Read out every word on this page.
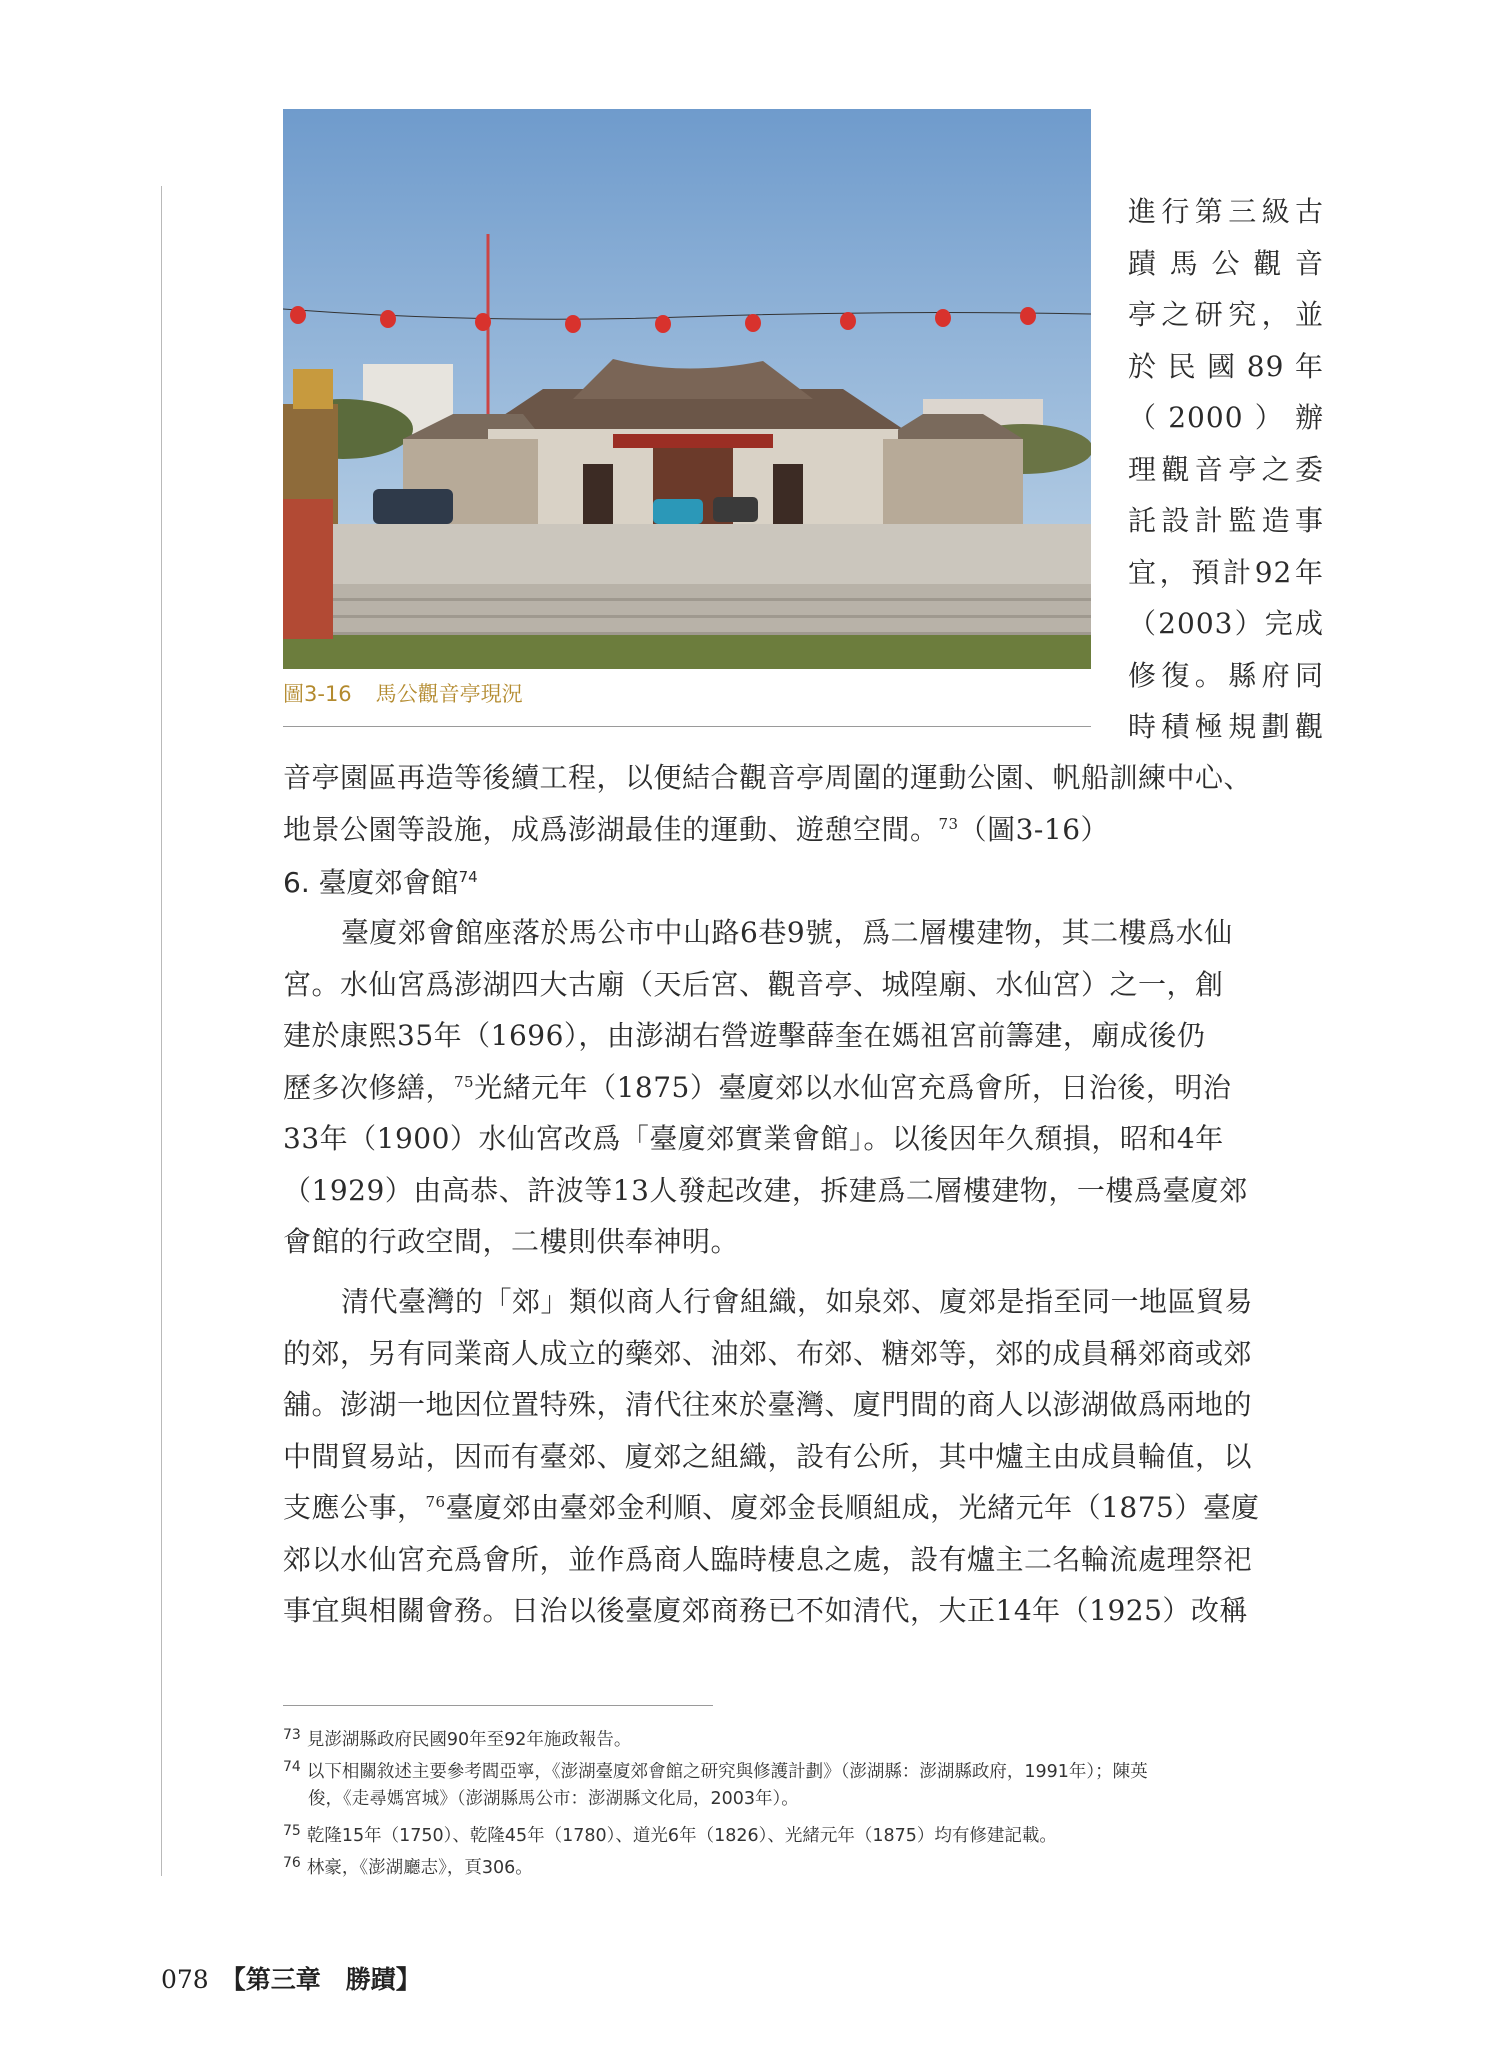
圖3-16 馬公觀音亭現況
進行第三級古
蹟馬公觀音
亭之研究，並
於民國89年
（2000）辦
理觀音亭之委
託設計監造事
宜，預計92年
（2003）完成
修復。縣府同
時積極規劃觀
音亭園區再造等後續工程，以便結合觀音亭周圍的運動公園、帆船訓練中心、
地景公園等設施，成爲澎湖最佳的運動、遊憩空間。$^{73}$（圖3-16）
6. 臺廈郊會館$^{74}$
臺廈郊會館座落於馬公市中山路6巷9號，爲二層樓建物，其二樓爲水仙
宮。水仙宮爲澎湖四大古廟（天后宮、觀音亭、城隍廟、水仙宮）之一，創
建於康熙35年（1696），由澎湖右營遊擊薛奎在媽祖宮前籌建，廟成後仍
歷多次修繕，$^{75}$光緒元年（1875）臺廈郊以水仙宮充爲會所，日治後，明治
33年（1900）水仙宮改爲「臺廈郊實業會館」。以後因年久頹損，昭和4年
（1929）由高恭、許波等13人發起改建，拆建爲二層樓建物，一樓爲臺廈郊
會館的行政空間，二樓則供奉神明。
清代臺灣的「郊」類似商人行會組織，如泉郊、廈郊是指至同一地區貿易
的郊，另有同業商人成立的藥郊、油郊、布郊、糖郊等，郊的成員稱郊商或郊
舖。澎湖一地因位置特殊，清代往來於臺灣、廈門間的商人以澎湖做爲兩地的
中間貿易站，因而有臺郊、廈郊之組織，設有公所，其中爐主由成員輪值，以
支應公事，$^{76}$臺廈郊由臺郊金利順、廈郊金長順組成，光緒元年（1875）臺廈
郊以水仙宮充爲會所，並作爲商人臨時棲息之處，設有爐主二名輪流處理祭祀
事宜與相關會務。日治以後臺廈郊商務已不如清代，大正14年（1925）改稱
$^{73}$ 見澎湖縣政府民國90年至92年施政報告。
$^{74}$ 以下相關敘述主要參考閻亞寧，《澎湖臺廈郊會館之研究與修護計劃》（澎湖縣：澎湖縣政府，1991年）；陳英
俊，《走尋媽宮城》（澎湖縣馬公市：澎湖縣文化局，2003年）。
$^{75}$ 乾隆15年（1750）、乾隆45年（1780）、道光6年（1826）、光緒元年（1875）均有修建記載。
$^{76}$ 林豪，《澎湖廳志》，頁306。
078 【第三章　勝蹟】
